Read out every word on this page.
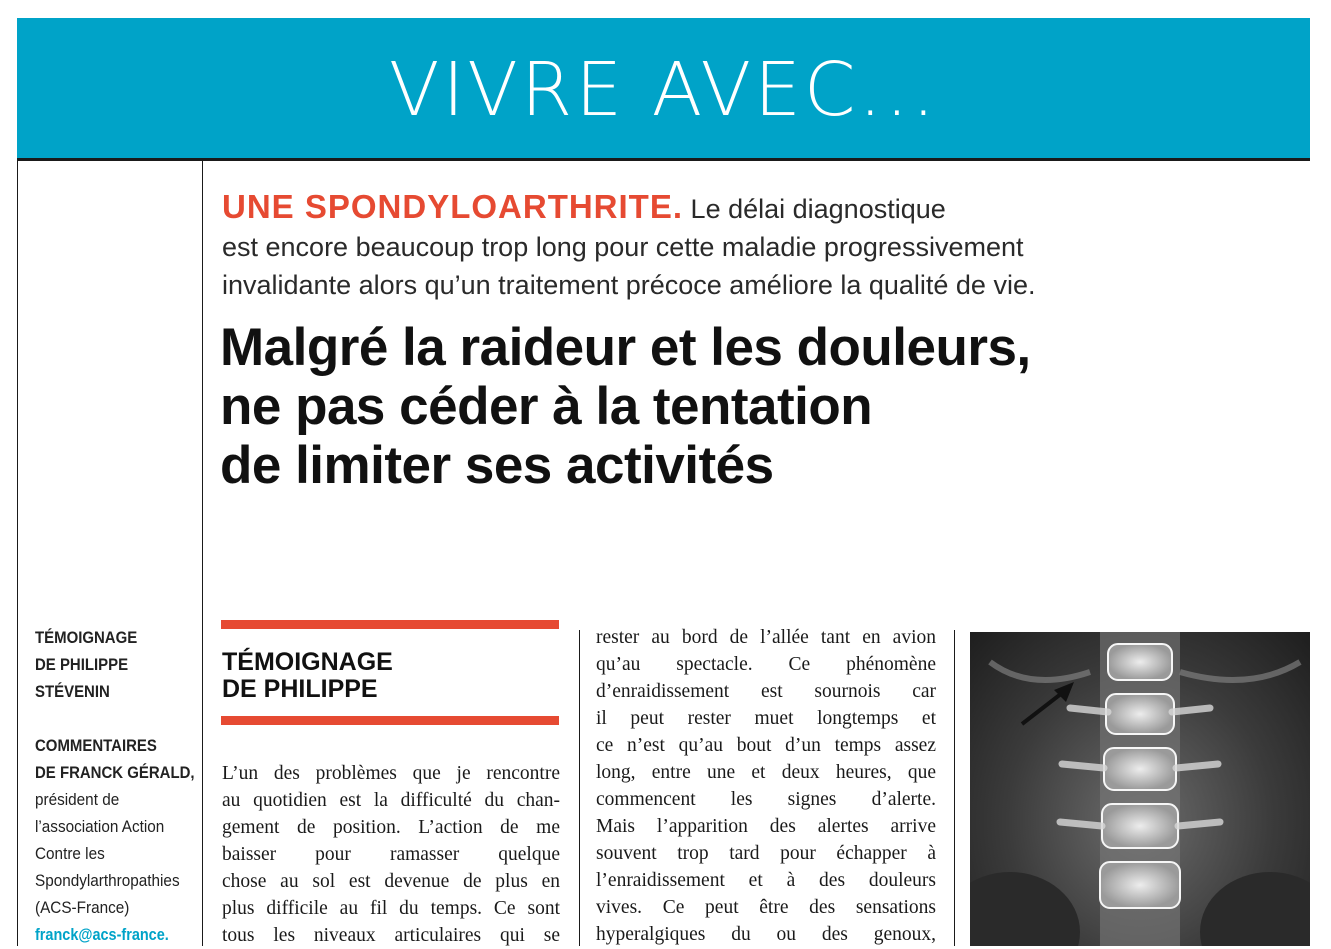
VIVRE AVEC...
UNE SPONDYLOARTHRITE. Le délai diagnostique
est encore beaucoup trop long pour cette maladie progressivement
invalidante alors qu’un traitement précoce améliore la qualité de vie.
Malgré la raideur et les douleurs,
ne pas céder à la tentation
de limiter ses activités
TÉMOIGNAGE
DE PHILIPPE
STÉVENIN
COMMENTAIRES
DE FRANCK GÉRALD,
président de
l’association Action
Contre les
Spondylarthropathies
(ACS-France)
franck@acs-france.
TÉMOIGNAGE
DE PHILIPPE
L’un des problèmes que je rencontre
au quotidien est la difficulté du chan-
gement de position. L’action de me
baisser pour ramasser quelque
chose au sol est devenue de plus en
plus difficile au fil du temps. Ce sont
tous les niveaux articulaires qui se
rester au bord de l’allée tant en avion
qu’au spectacle. Ce phénomène
d’enraidissement est sournois car
il peut rester muet longtemps et
ce n’est qu’au bout d’un temps assez
long, entre une et deux heures, que
commencent les signes d’alerte.
Mais l’apparition des alertes arrive
souvent trop tard pour échapper à
l’enraidissement et à des douleurs
vives. Ce peut être des sensations
hyperalgiques du ou des genoux,
